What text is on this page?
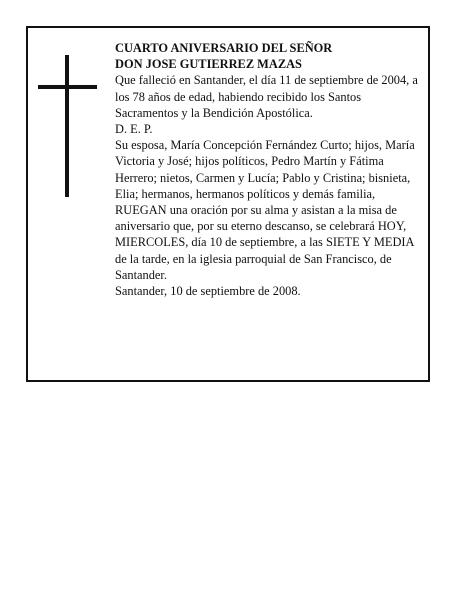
CUARTO ANIVERSARIO DEL SEÑOR

DON JOSE GUTIERREZ MAZAS

Que falleció en Santander, el día 11 de septiembre de 2004, a los 78 años de edad, habiendo recibido los Santos Sacramentos y la Bendición Apostólica.

D. E. P.

Su esposa, María Concepción Fernández Curto; hijos, María Victoria y José; hijos políticos, Pedro Martín y Fátima Herrero; nietos, Carmen y Lucía; Pablo y Cristina; bisnieta, Elia; hermanos, hermanos políticos y demás familia,

RUEGAN una oración por su alma y asistan a la misa de aniversario que, por su eterno descanso, se celebrará HOY, MIERCOLES, día 10 de septiembre, a las SIETE Y MEDIA de la tarde, en la iglesia parroquial de San Francisco, de Santander.

Santander, 10 de septiembre de 2008.
